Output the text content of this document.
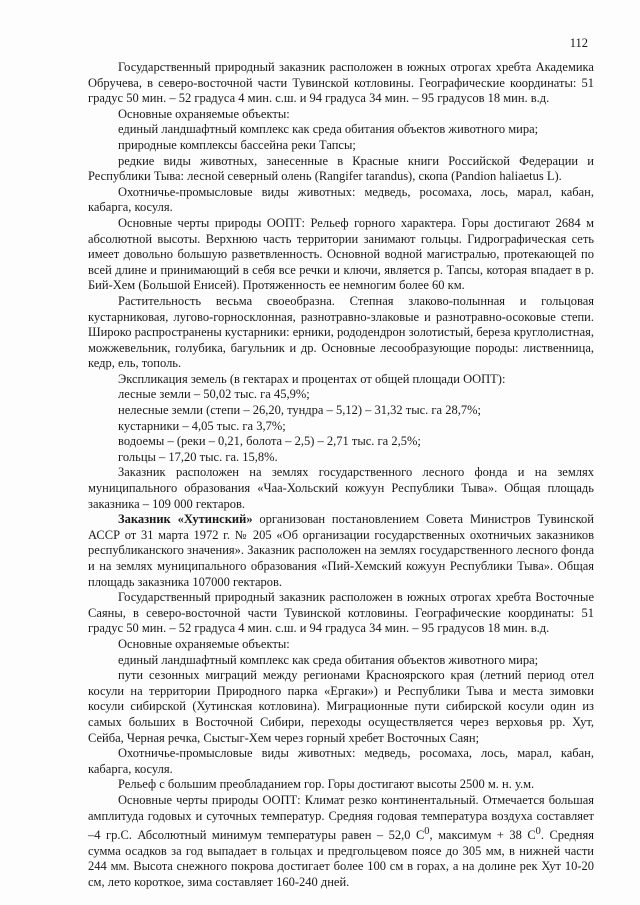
112

Государственный природный заказник расположен в южных отрогах хребта Академика Обручева, в северо-восточной части Тувинской котловины. Географические координаты: 51 градус 50 мин. – 52 градуса 4 мин. с.ш. и 94 градуса 34 мин. – 95 градусов 18 мин. в.д.

Основные охраняемые объекты:

единый ландшафтный комплекс как среда обитания объектов животного мира;

природные комплексы бассейна реки Тапсы;

редкие виды животных, занесенные в Красные книги Российской Федерации и Республики Тыва: лесной северный олень (Rangifer tarandus), скопа (Pandion haliaetus L).

Охотничье-промысловые виды животных: медведь, росомаха, лось, марал, кабан, кабарга, косуля.

Основные черты природы ООПТ: Рельеф горного характера. Горы достигают 2684 м абсолютной высоты. Верхнюю часть территории занимают гольцы. Гидрографическая сеть имеет довольно большую разветвленность. Основной водной магистралью, протекающей по всей длине и принимающий в себя все речки и ключи, является р. Тапсы, которая впадает в р. Бий-Хем (Большой Енисей). Протяженность ее немногим более 60 км.

Растительность весьма своеобразна. Степная злаково-полынная и гольцовая кустарниковая, лугово-горносклонная, разнотравно-злаковые и разнотравно-осоковые степи. Широко распространены кустарники: ерники, рододендрон золотистый, береза круглолистная, можжевельник, голубика, багульник и др. Основные лесообразующие породы: лиственница, кедр, ель, тополь.

Экспликация земель (в гектарах и процентах от общей площади ООПТ):

лесные земли – 50,02 тыс. га 45,9%;

нелесные земли (степи – 26,20, тундра – 5,12) – 31,32 тыс. га 28,7%;

кустарники – 4,05 тыс. га 3,7%;

водоемы – (реки – 0,21, болота – 2,5) – 2,71 тыс. га 2,5%;

гольцы – 17,20 тыс. га. 15,8%.

Заказник расположен на землях государственного лесного фонда и на землях муниципального образования «Чаа-Хольский кожуун Республики Тыва». Общая площадь заказника – 109 000 гектаров.

Заказник «Хутинский» организован постановлением Совета Министров Тувинской АССР от 31 марта 1972 г. № 205 «Об организации государственных охотничьих заказников республиканского значения». Заказник расположен на землях государственного лесного фонда и на землях муниципального образования «Пий-Хемский кожуун Республики Тыва». Общая площадь заказника 107000 гектаров.

Государственный природный заказник расположен в южных отрогах хребта Восточные Саяны, в северо-восточной части Тувинской котловины. Географические координаты: 51 градус 50 мин. – 52 градуса 4 мин. с.ш. и 94 градуса 34 мин. – 95 градусов 18 мин. в.д.

Основные охраняемые объекты:

единый ландшафтный комплекс как среда обитания объектов животного мира;

пути сезонных миграций между регионами Красноярского края (летний период отел косули на территории Природного парка «Ергаки») и Республики Тыва и места зимовки косули сибирской (Хутинская котловина). Миграционные пути сибирской косули один из самых больших в Восточной Сибири, переходы осуществляется через верховья рр. Хут, Сейба, Черная речка, Сыстыг-Хем через горный хребет Восточных Саян;

Охотничье-промысловые виды животных: медведь, росомаха, лось, марал, кабан, кабарга, косуля.

Рельеф с большим преобладанием гор. Горы достигают высоты 2500 м. н. у.м.

Основные черты природы ООПТ: Климат резко континентальный. Отмечается большая амплитуда годовых и суточных температур. Средняя годовая температура воздуха составляет –4 гр.С. Абсолютный минимум температуры равен – 52,0 $С^0$, максимум + 38 $С^0$. Средняя сумма осадков за год выпадает в гольцах и предгольцевом поясе до 305 мм, в нижней части 244 мм. Высота снежного покрова достигает более 100 см в горах, а на долине рек Хут 10-20 см, лето короткое, зима составляет 160-240 дней.
